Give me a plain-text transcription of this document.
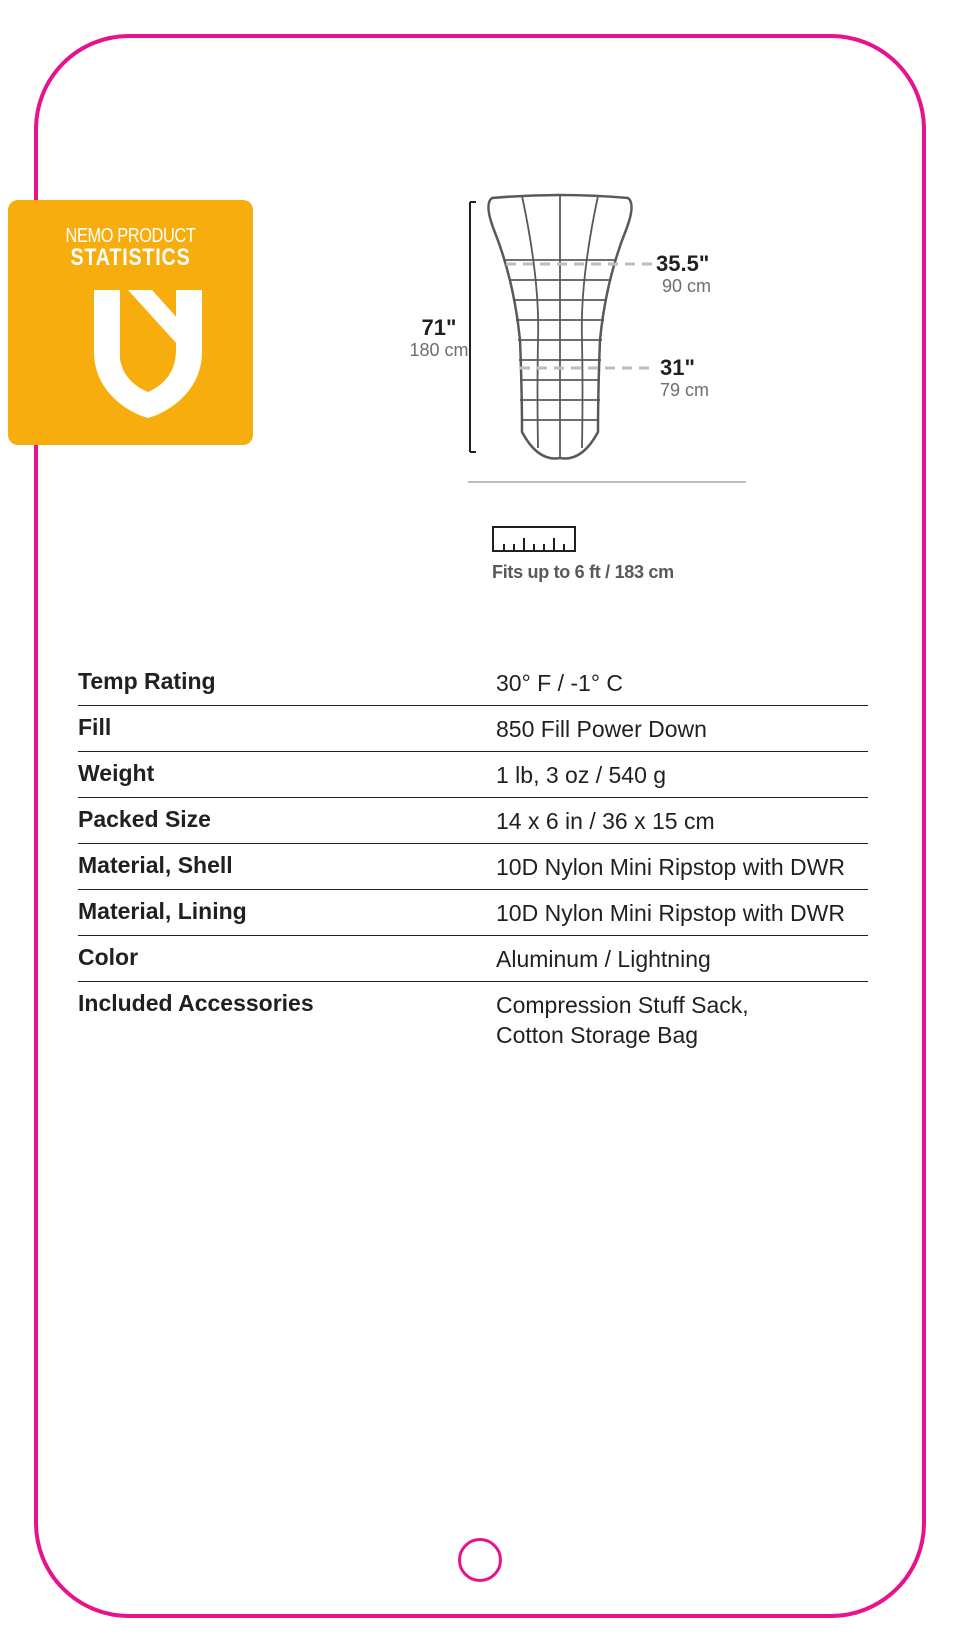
NEMO PRODUCT
STATISTICS
71"
180 cm
35.5"
90 cm
31"
79 cm
Fits up to 6 ft / 183 cm
Temp Rating	30° F / -1° C
Fill	850 Fill Power Down
Weight	1 lb, 3 oz / 540 g
Packed Size	14 x 6 in / 36 x 15 cm
Material, Shell	10D Nylon Mini Ripstop with DWR
Material, Lining	10D Nylon Mini Ripstop with DWR
Color	Aluminum / Lightning
Included Accessories	Compression Stuff Sack,
Cotton Storage Bag
